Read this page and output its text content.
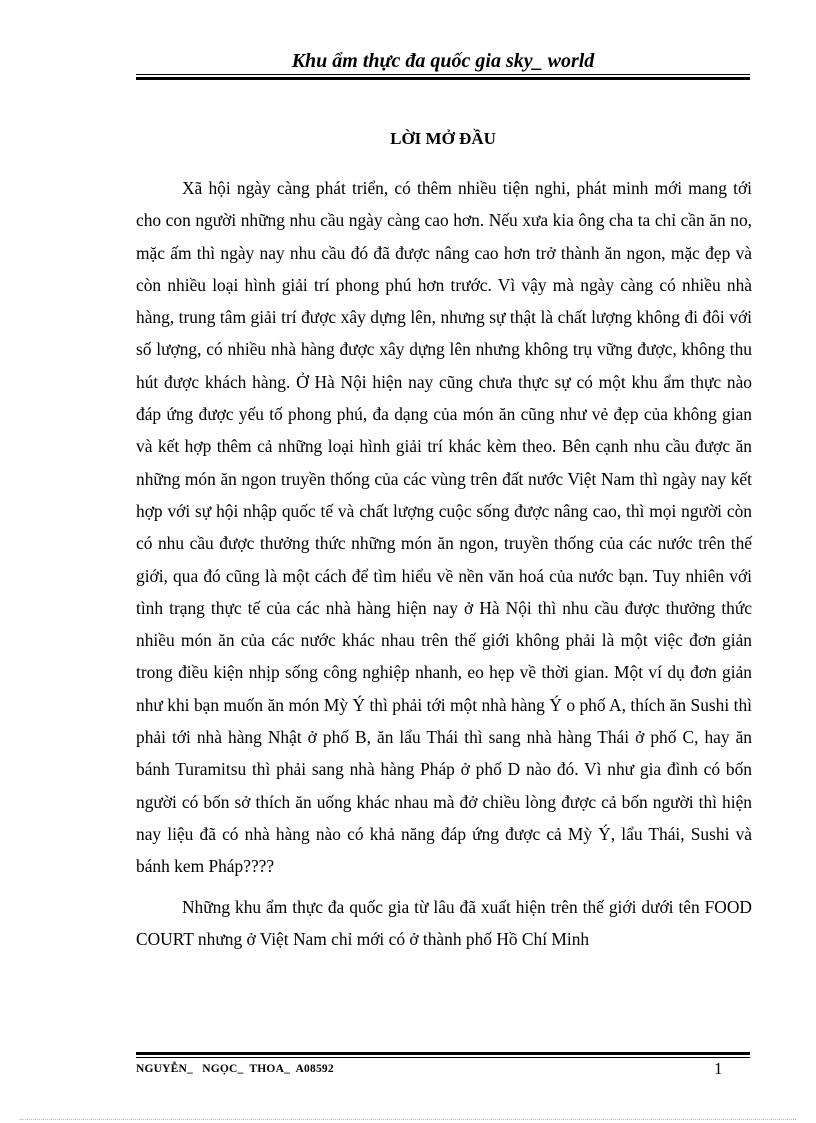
Khu ẩm thực đa quốc gia sky_ world
LỜI MỞ ĐẦU

Xã hội ngày càng phát triển, có thêm nhiều tiện nghi, phát minh mới mang tới cho con người những nhu cầu ngày càng cao hơn. Nếu xưa kia ông cha ta chỉ cần ăn no, mặc ấm thì ngày nay nhu cầu đó đã được nâng cao hơn trở thành ăn ngon, mặc đẹp và còn nhiều loại hình giải trí phong phú hơn trước. Vì vậy mà ngày càng có nhiều nhà hàng, trung tâm giải trí được xây dựng lên, nhưng sự thật là chất lượng không đi đôi với số lượng, có nhiều nhà hàng được xây dựng lên nhưng không trụ vững được, không thu hút được khách hàng. Ở Hà Nội hiện nay cũng chưa thực sự có một khu ẩm thực nào đáp ứng được yếu tố phong phú, đa dạng của món ăn cũng như vẻ đẹp của không gian và kết hợp thêm cả những loại hình giải trí khác kèm theo. Bên cạnh nhu cầu được ăn những món ăn ngon truyền thống của các vùng trên đất nước Việt Nam thì ngày nay kết hợp với sự hội nhập quốc tế và chất lượng cuộc sống được nâng cao, thì mọi người còn có nhu cầu được thưởng thức những món ăn ngon, truyền thống của các nước trên thế giới, qua đó cũng là một cách để tìm hiểu về nền văn hoá của nước bạn. Tuy nhiên với tình trạng thực tế của các nhà hàng hiện nay ở Hà Nội thì nhu cầu được thưởng thức nhiều món ăn của các nước khác nhau trên thế giới không phải là một việc đơn giản trong điều kiện nhịp sống công nghiệp nhanh, eo hẹp về thời gian. Một ví dụ đơn giản như khi bạn muốn ăn món Mỳ Ý thì phải tới một nhà hàng Ý o phố A, thích ăn Sushi thì phải tới nhà hàng Nhật ở phố B, ăn lẩu Thái thì sang nhà hàng Thái ở phố C, hay ăn bánh Turamitsu thì phải sang nhà hàng Pháp ở phố D nào đó. Vì như gia đình có bốn người có bốn sở thích ăn uống khác nhau mà đở chiều lòng được cả bốn người thì hiện nay liệu đã có nhà hàng nào có khả năng đáp ứng được cả Mỳ Ý, lẩu Thái, Sushi và bánh kem Pháp????

Những khu ẩm thực đa quốc gia từ lâu đã xuất hiện trên thế giới dưới tên FOOD COURT nhưng ở Việt Nam chỉ mới có ở thành phố Hồ Chí Minh

NGUYỄN_   NGỌC_  THOA_  A08592	1
